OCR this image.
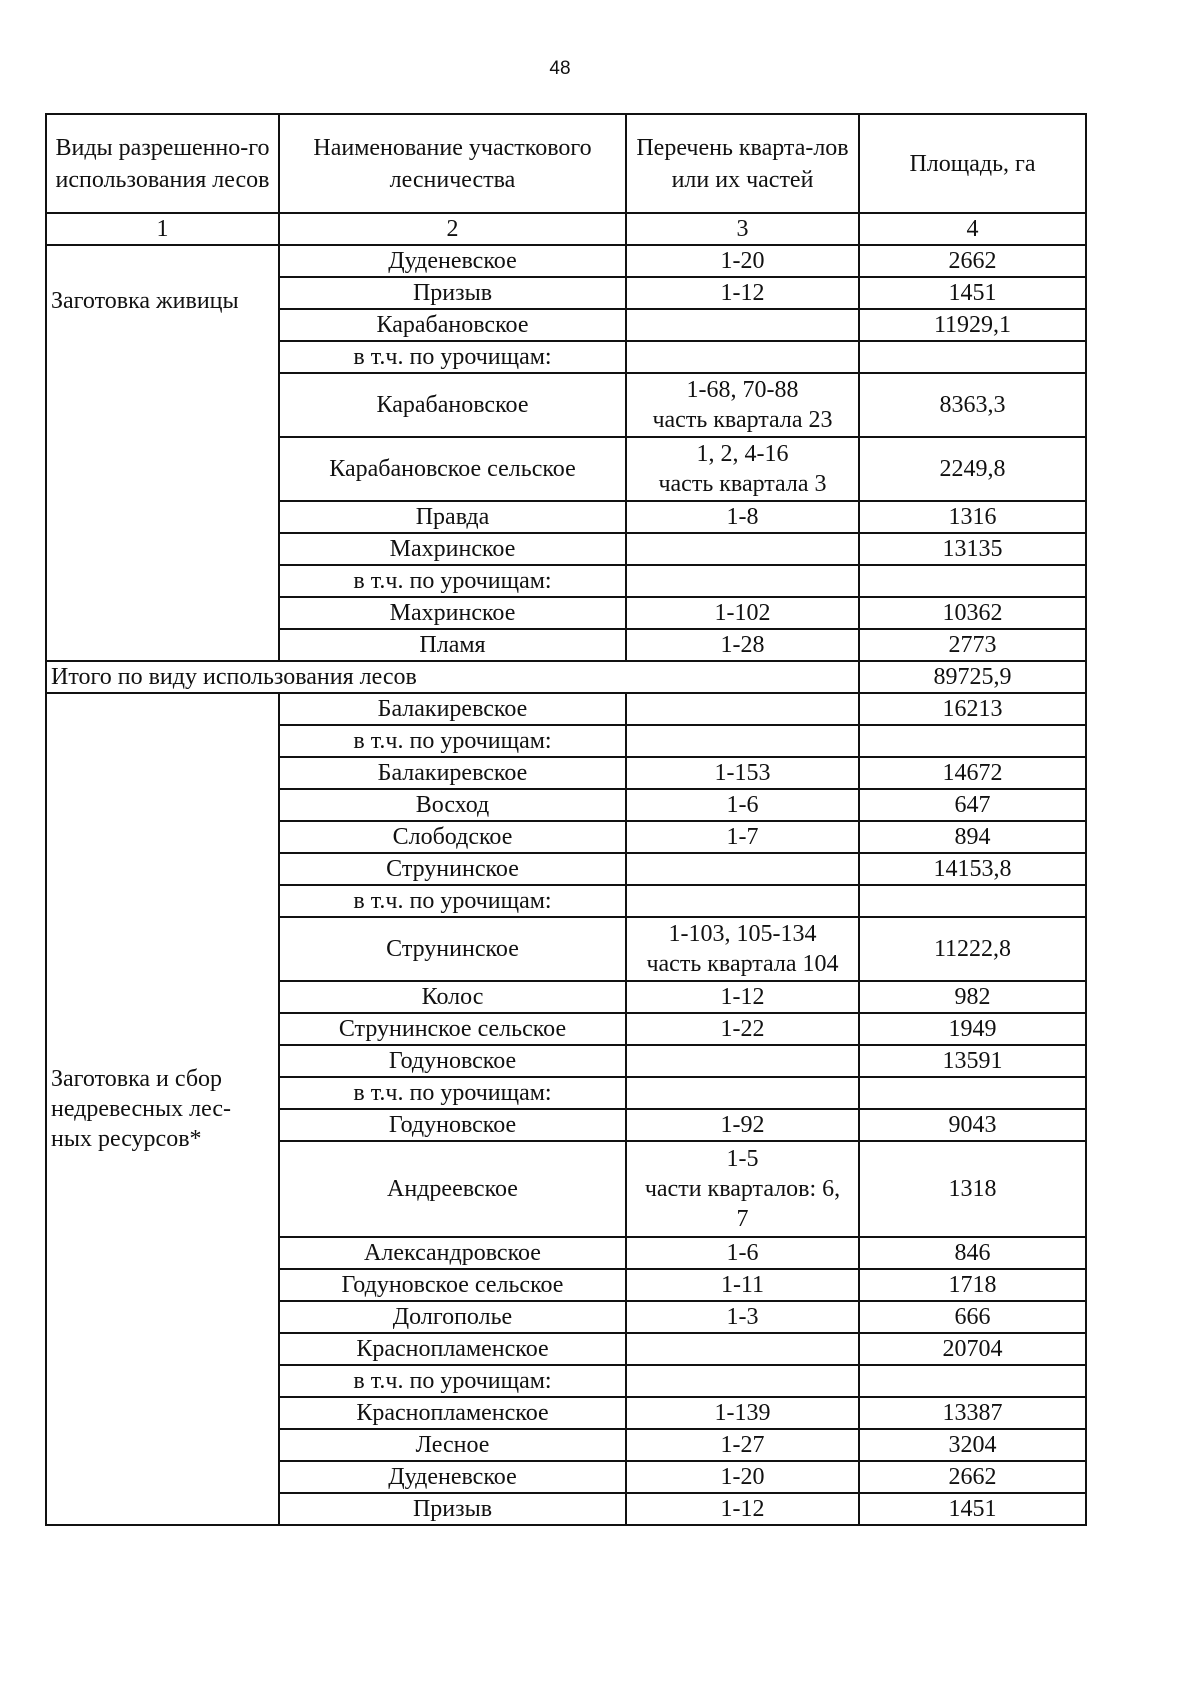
48
Виды разрешенно-го использования лесов	Наименование участкового лесничества	Перечень кварта-лов или их частей	Площадь, га
1	2	3	4
Заготовка живицы	Дуденевское	1-20	2662
	Призыв	1-12	1451
	Карабановское		11929,1
	в т.ч. по урочищам:		
	Карабановское	1-68, 70-88
часть квартала 23	8363,3
	Карабановское сельское	1, 2, 4-16
часть квартала 3	2249,8
	Правда	1-8	1316
	Махринское		13135
	в т.ч. по урочищам:		
	Махринское	1-102	10362
	Пламя	1-28	2773
Итого по виду использования лесов			89725,9

Заготовка и сбор
недревесных лес-
ных ресурсов*	Балакиревское		16213
	в т.ч. по урочищам:		
	Балакиревское	1-153	14672
	Восход	1-6	647
	Слободское	1-7	894
	Струнинское		14153,8
	в т.ч. по урочищам:		
	Струнинское	1-103, 105-134
часть квартала 104	11222,8
	Колос	1-12	982
	Струнинское сельское	1-22	1949
	Годуновское		13591
	в т.ч. по урочищам:		
	Годуновское	1-92	9043
	Андреевское	1-5
части кварталов: 6,
7	1318
	Александровское	1-6	846
	Годуновское сельское	1-11	1718
	Долгополье	1-3	666
	Краснопламенское		20704
	в т.ч. по урочищам:		
	Краснопламенское	1-139	13387
	Лесное	1-27	3204
	Дуденевское	1-20	2662
	Призыв	1-12	1451
